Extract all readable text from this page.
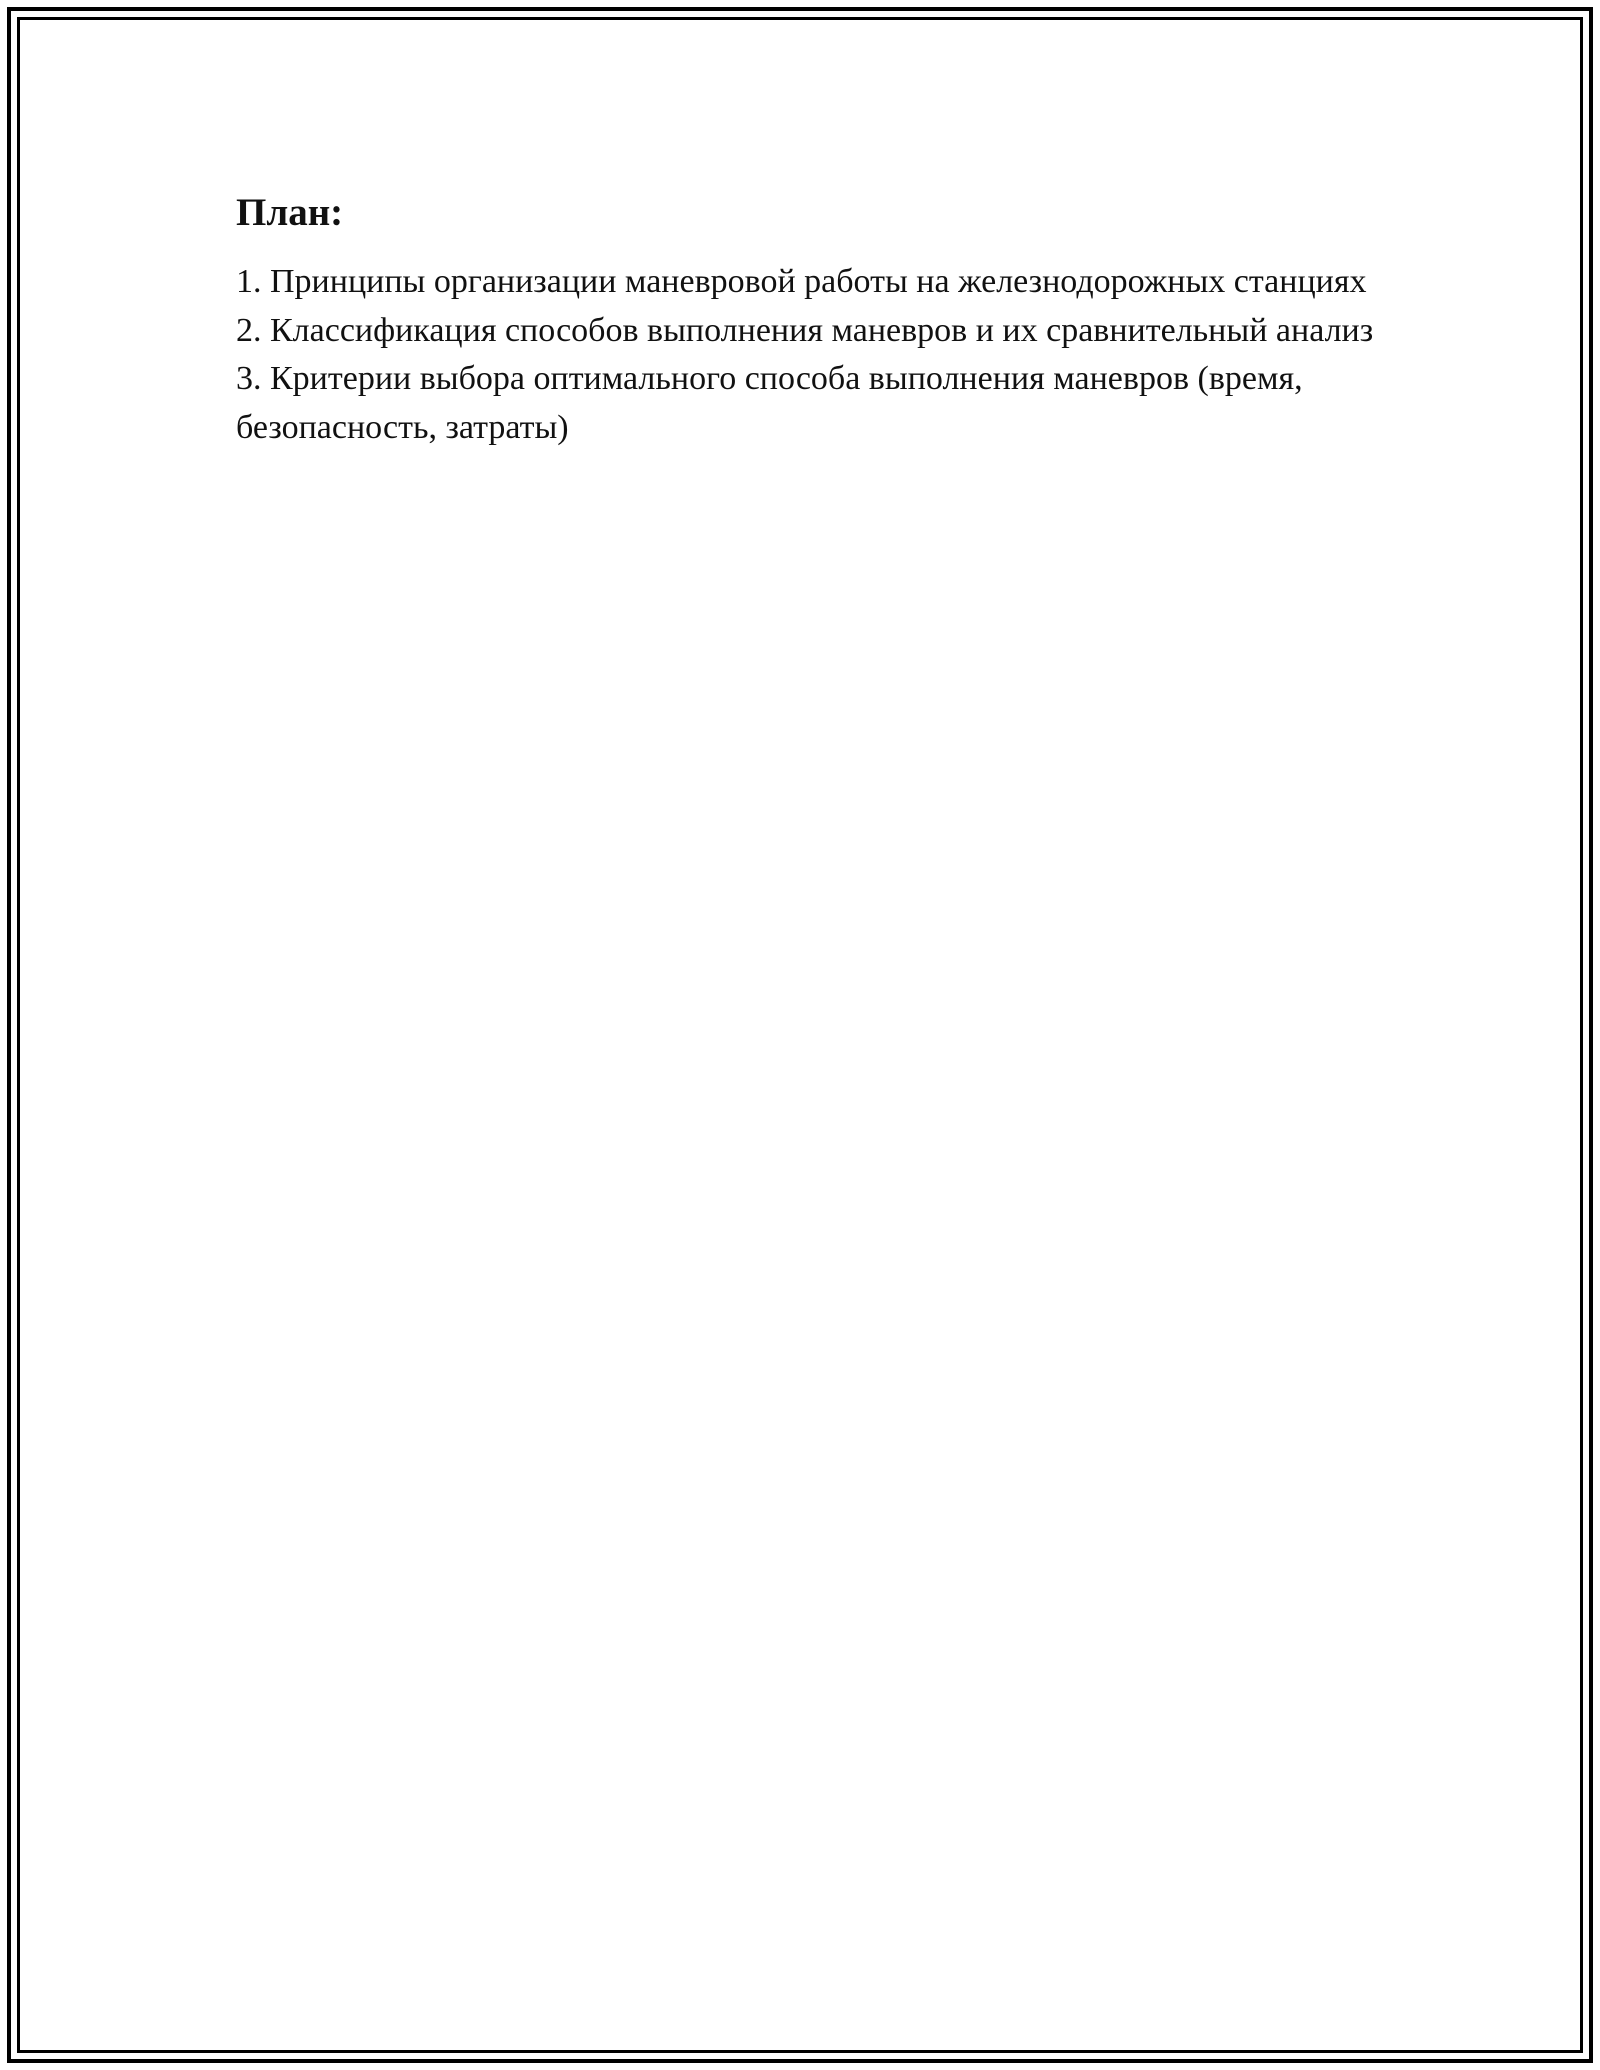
План:
1. Принципы организации маневровой работы на железнодорожных станциях
2. Классификация способов выполнения маневров и их сравнительный анализ
3. Критерии выбора оптимального способа выполнения маневров (время, безопасность, затраты)
